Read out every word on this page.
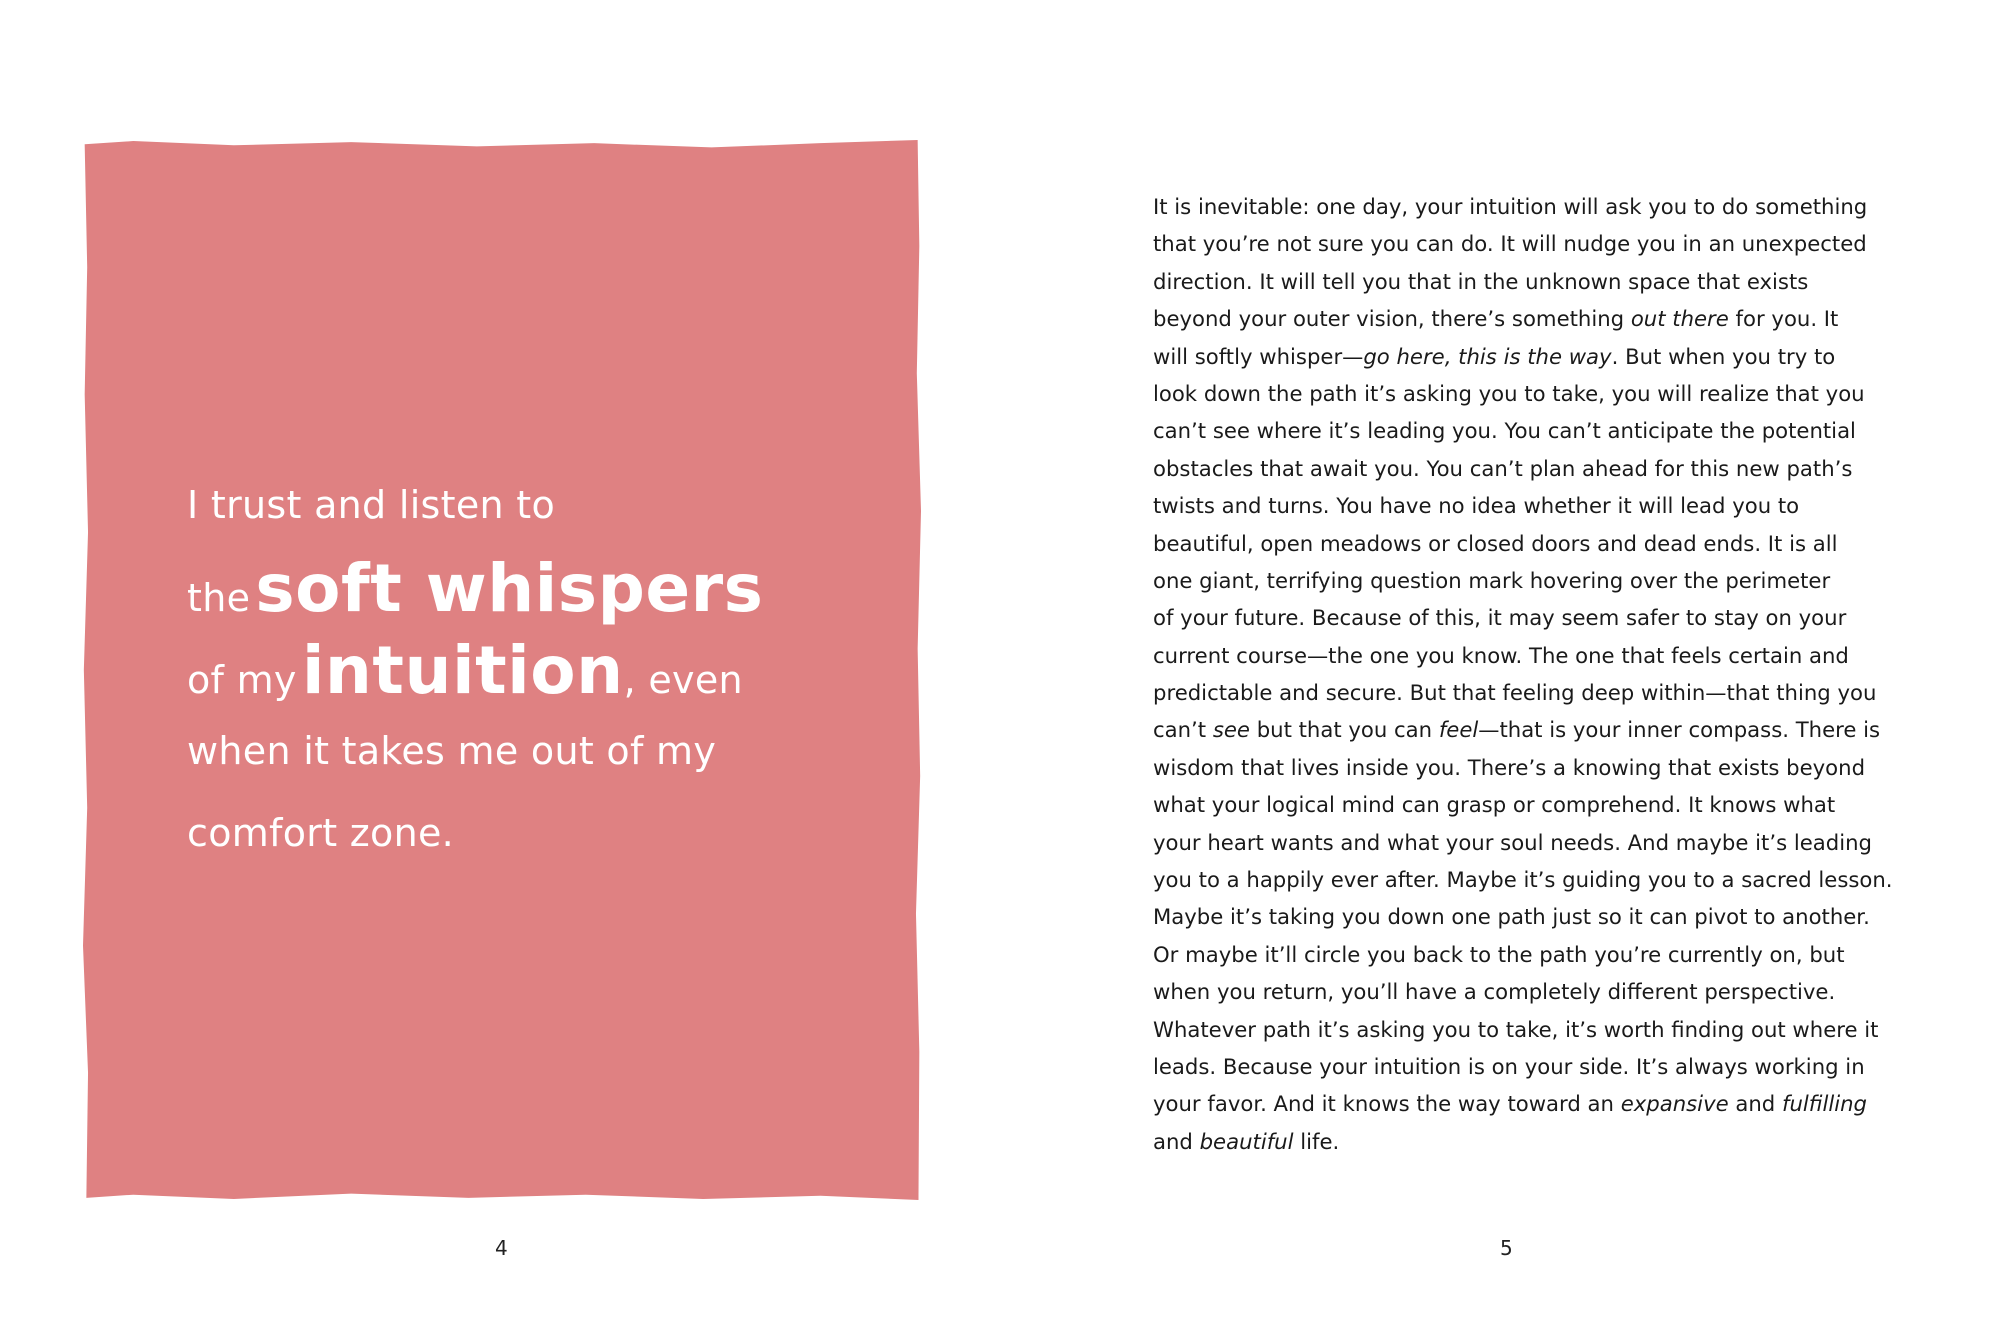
I trust and listen to
the soft whispers
of my intuition, even
when it takes me out of my
comfort zone.
4
It is inevitable: one day, your intuition will ask you to do something
that you’re not sure you can do. It will nudge you in an unexpected
direction. It will tell you that in the unknown space that exists
beyond your outer vision, there’s something out there for you. It
will softly whisper—go here, this is the way. But when you try to
look down the path it’s asking you to take, you will realize that you
can’t see where it’s leading you. You can’t anticipate the potential
obstacles that await you. You can’t plan ahead for this new path’s
twists and turns. You have no idea whether it will lead you to
beautiful, open meadows or closed doors and dead ends. It is all
one giant, terrifying question mark hovering over the perimeter
of your future. Because of this, it may seem safer to stay on your
current course—the one you know. The one that feels certain and
predictable and secure. But that feeling deep within—that thing you
can’t see but that you can feel—that is your inner compass. There is
wisdom that lives inside you. There’s a knowing that exists beyond
what your logical mind can grasp or comprehend. It knows what
your heart wants and what your soul needs. And maybe it’s leading
you to a happily ever after. Maybe it’s guiding you to a sacred lesson.
Maybe it’s taking you down one path just so it can pivot to another.
Or maybe it’ll circle you back to the path you’re currently on, but
when you return, you’ll have a completely different perspective.
Whatever path it’s asking you to take, it’s worth finding out where it
leads. Because your intuition is on your side. It’s always working in
your favor. And it knows the way toward an expansive and fulfilling
and beautiful life.
5
